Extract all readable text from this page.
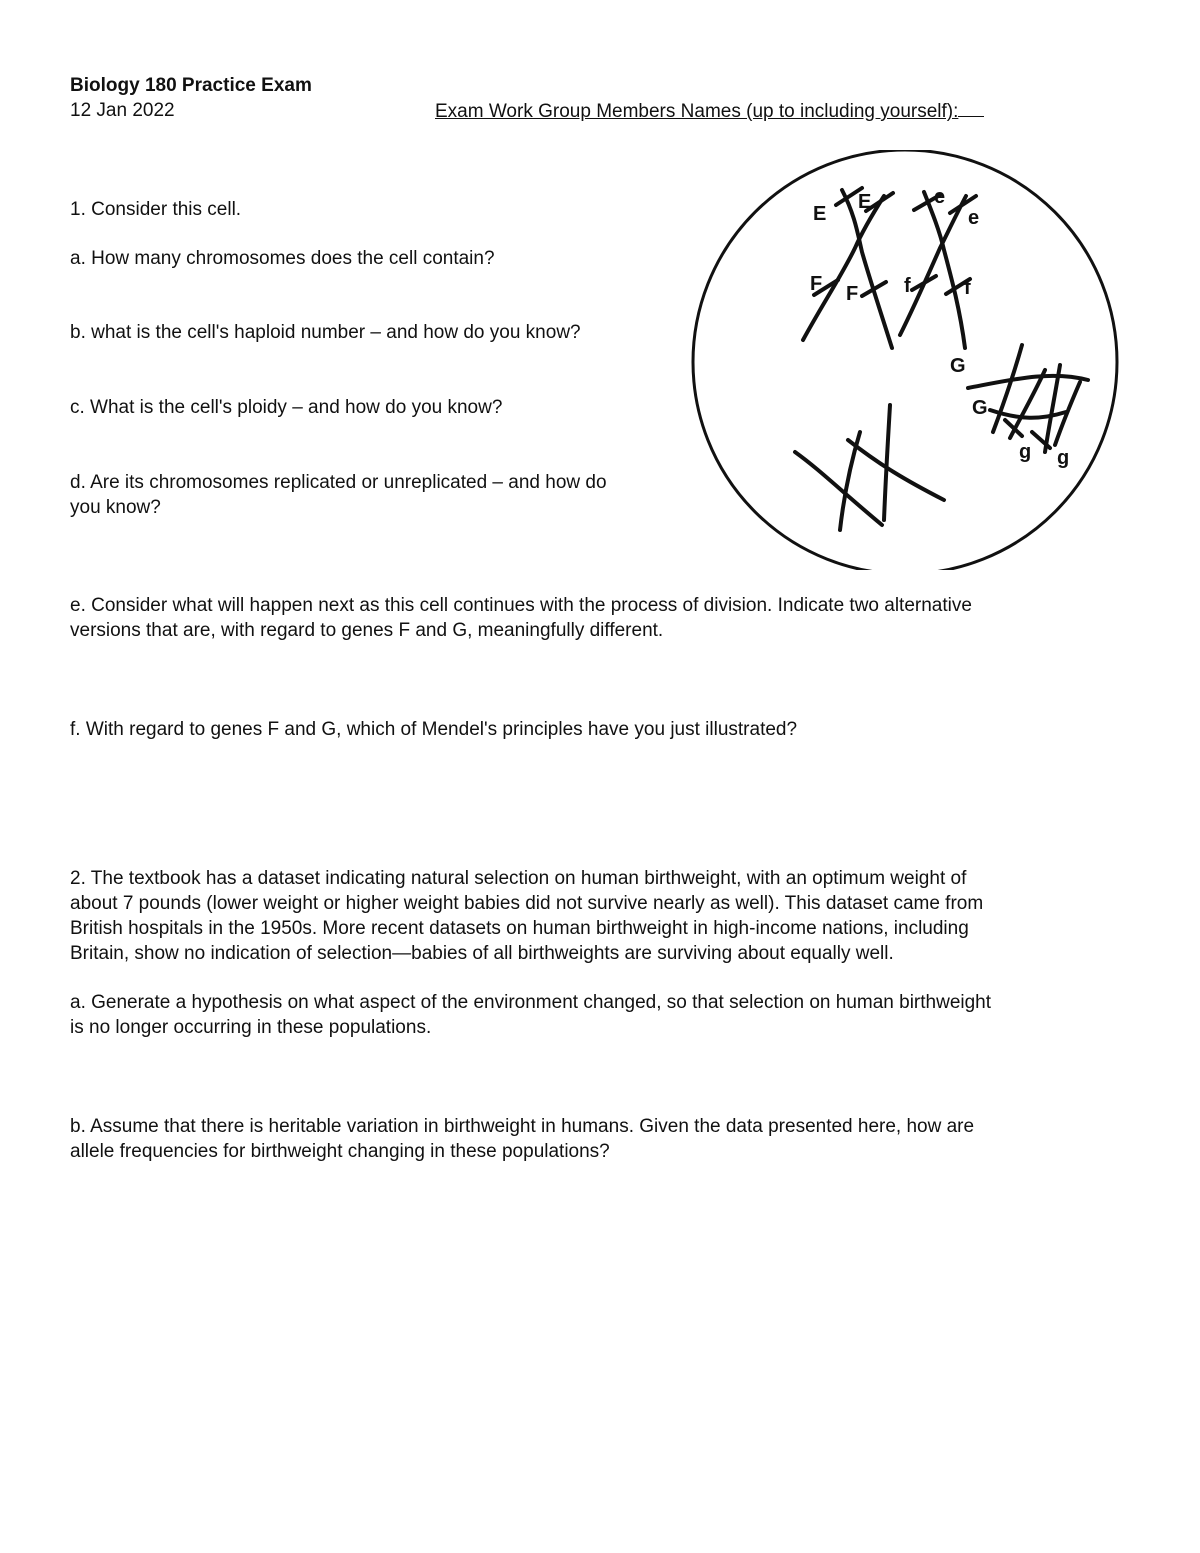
Biology 180 Practice Exam
12 Jan 2022	Exam Work Group Members Names (up to including yourself):
1. Consider this cell.
a. How many chromosomes does the cell contain?
b. what is the cell's haploid number – and how do you know?
c. What is the cell's ploidy – and how do you know?
d. Are its chromosomes replicated or unreplicated – and how do
you know?
e. Consider what will happen next as this cell continues with the process of division. Indicate two alternative
versions that are, with regard to genes F and G, meaningfully different.
f. With regard to genes F and G, which of Mendel's principles have you just illustrated?
E
E	e
e
F F f	f
G
G
g g
2. The textbook has a dataset indicating natural selection on human birthweight, with an optimum weight of
about 7 pounds (lower weight or higher weight babies did not survive nearly as well). This dataset came from
British hospitals in the 1950s. More recent datasets on human birthweight in high-income nations, including
Britain, show no indication of selection—babies of all birthweights are surviving about equally well.
a. Generate a hypothesis on what aspect of the environment changed, so that selection on human birthweight
is no longer occurring in these populations.
b. Assume that there is heritable variation in birthweight in humans. Given the data presented here, how are
allele frequencies for birthweight changing in these populations?
